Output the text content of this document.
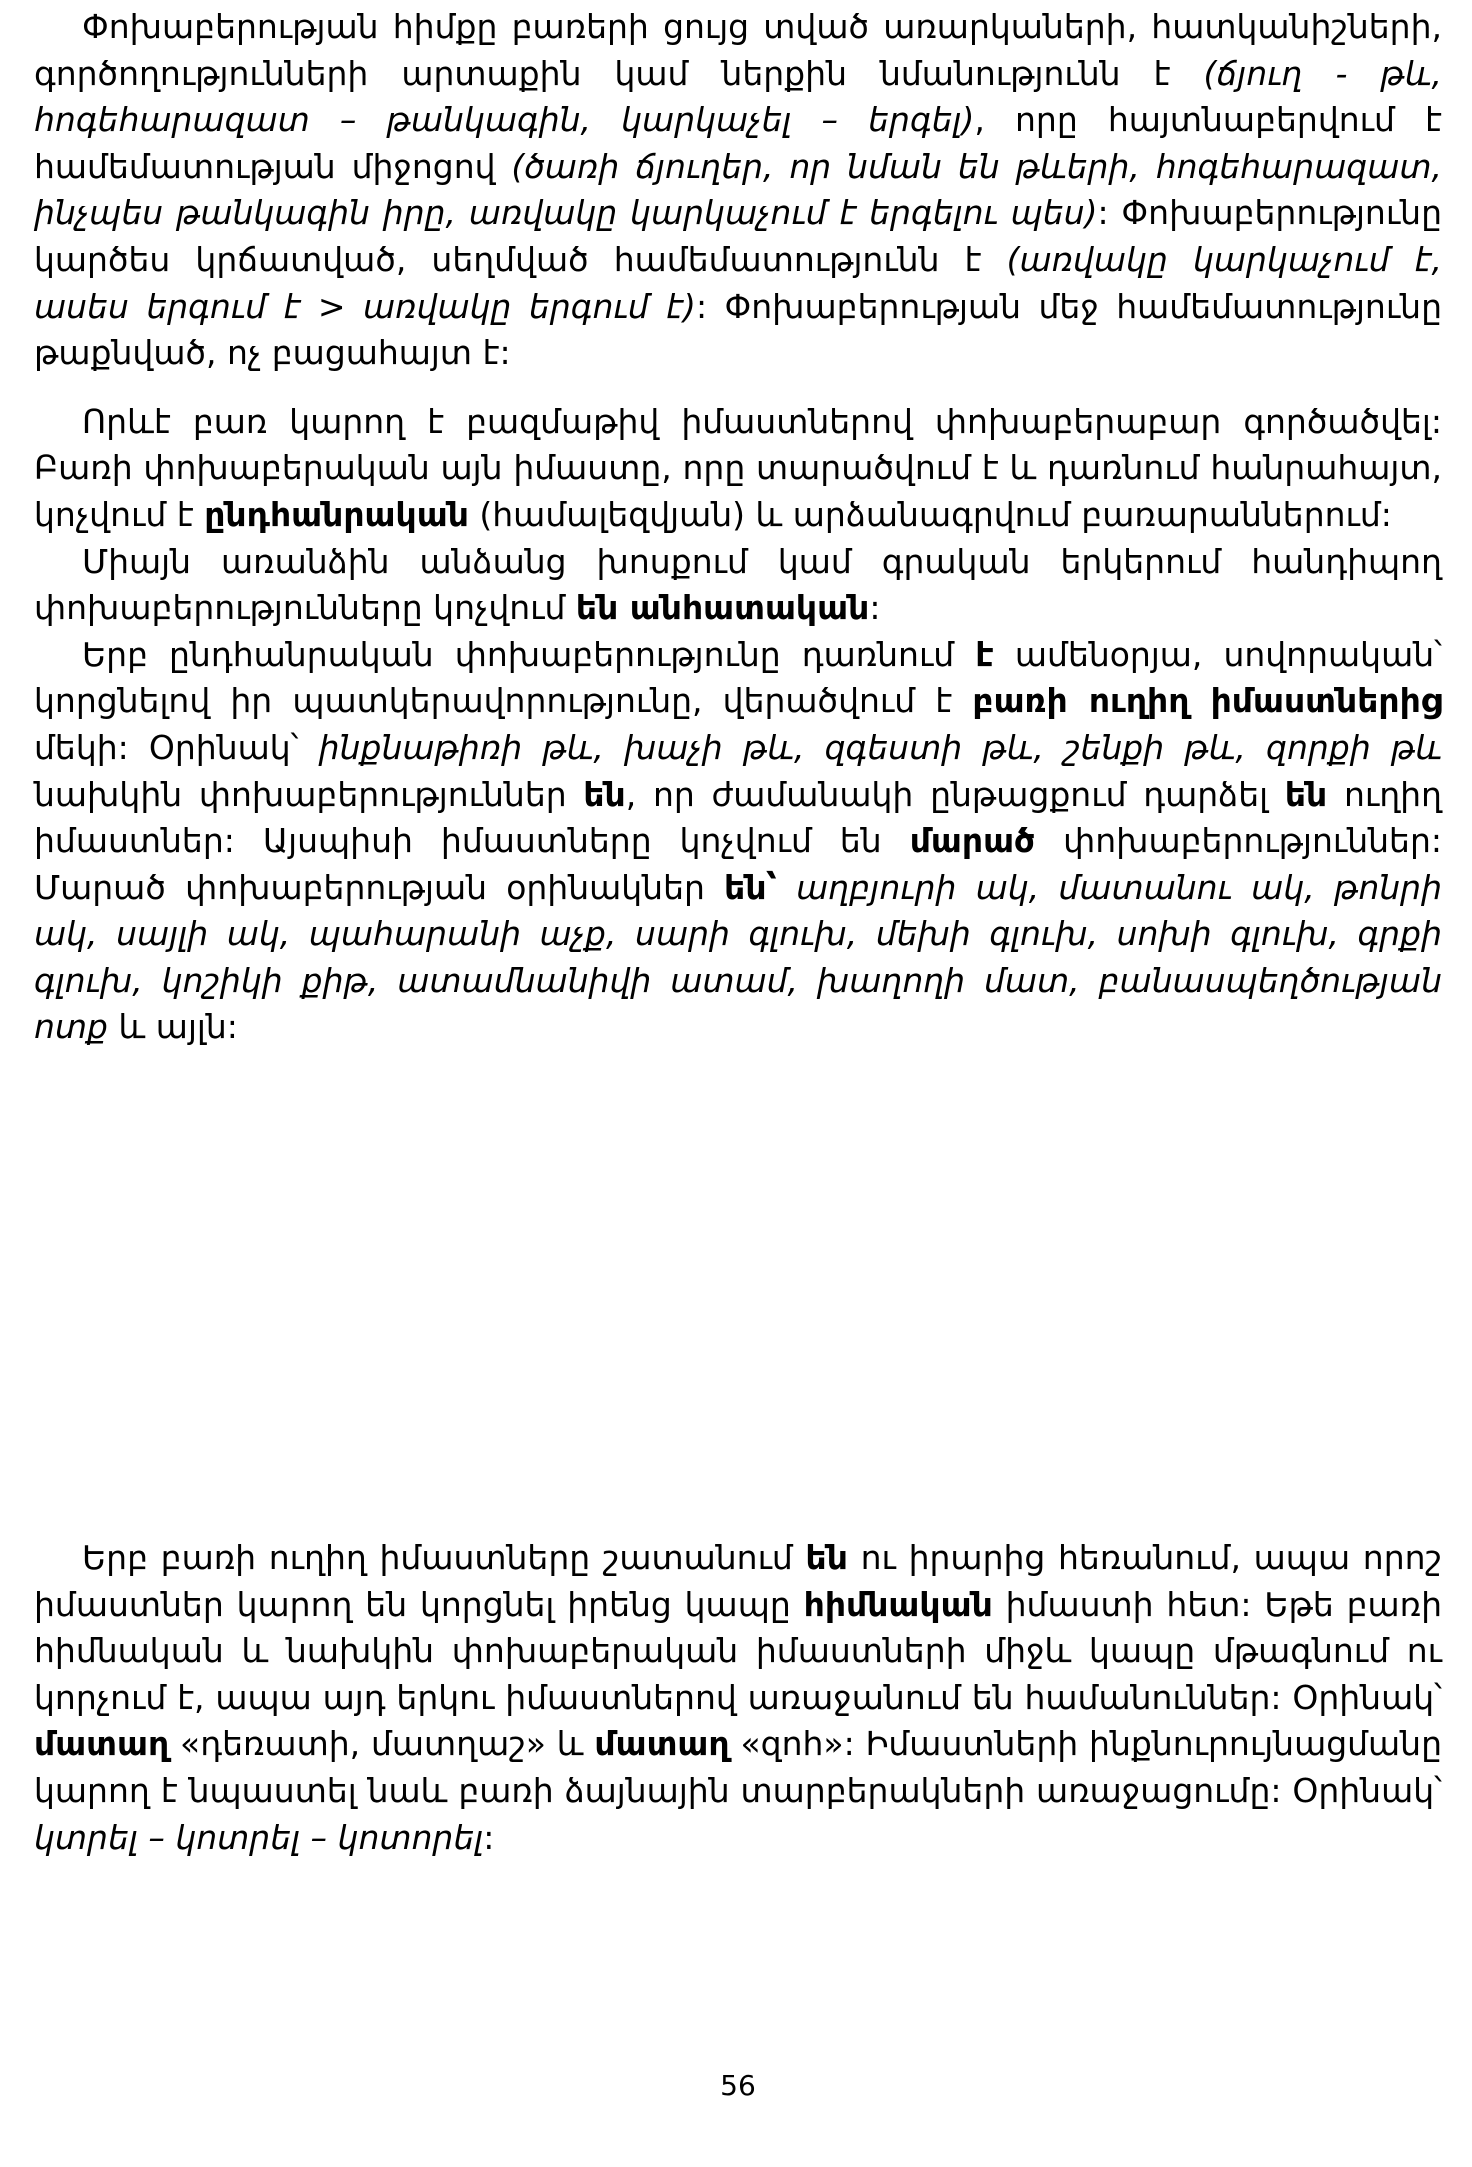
Փոխաբերության հիմքը բառերի ցույց տված առարկաների, հատկանիշների, գործողությունների արտաքին կամ ներքին նմանությունն է (ճյուղ - թև, հոգեհարազատ – թանկագին, կարկաչել – երգել), որը հայտնաբերվում է համեմատության միջոցով (ծառի ճյուղեր, որ նման են թևերի, հոգեհարազատ, ինչպես թանկագին իրը, առվակը կարկաչում է երգելու պես): Փոխաբերությունը կարծես կրճատված, սեղմված համեմատությունն է (առվակը կարկաչում է, ասես երգում է > առվակը երգում է): Փոխաբերության մեջ համեմատությունը թաքնված, ոչ բացահայտ է:

Որևէ բառ կարող է բազմաթիվ իմաստներով փոխաբերաբար գործածվել: Բառի փոխաբերական այն իմաստը, որը տարածվում է և դառնում հանրահայտ, կոչվում է ընդհանրական (համալեզվյան) և արձանագրվում բառարաններում:

Միայն առանձին անձանց խոսքում կամ գրական երկերում հանդիպող փոխաբերությունները կոչվում են անհատական:

Երբ ընդհանրական փոխաբերությունը դառնում է ամենօրյա, սովորական՝ կորցնելով իր պատկերավորությունը, վերածվում է բառի ուղիղ իմաստներից մեկի: Օրինակ՝ ինքնաթիռի թև, խաչի թև, զգեստի թև, շենքի թև, զորքի թև նախկին փոխաբերություններ են, որ ժամանակի ընթացքում դարձել են ուղիղ իմաստներ: Այսպիսի իմաստները կոչվում են մարած փոխաբերություններ: Մարած փոխաբերության օրինակներ են՝ աղբյուրի ակ, մատանու ակ, թոնրի ակ, սայլի ակ, պահարանի աչք, սարի գլուխ, մեխի գլուխ, սոխի գլուխ, գրքի գլուխ, կոշիկի քիթ, ատամնանիվի ատամ, խաղողի մատ, բանասպեղծության ոտք և այլն:

Երբ բառի ուղիղ իմաստները շատանում են ու իրարից հեռանում, ապա որոշ իմաստներ կարող են կորցնել իրենց կապը հիմնական իմաստի հետ: Եթե բառի հիմնական և նախկին փոխաբերական իմաստների միջև կապը մթագնում ու կորչում է, ապա այդ երկու իմաստներով առաջանում են համանուններ: Օրինակ՝ մատաղ «դեռատի, մատղաշ» և մատաղ «զոհ»: Իմաստների ինքնուրույնացմանը կարող է նպաստել նաև բառի ձայնային տարբերակների առաջացումը: Օրինակ՝ կտրել – կոտրել – կոտորել:

56
